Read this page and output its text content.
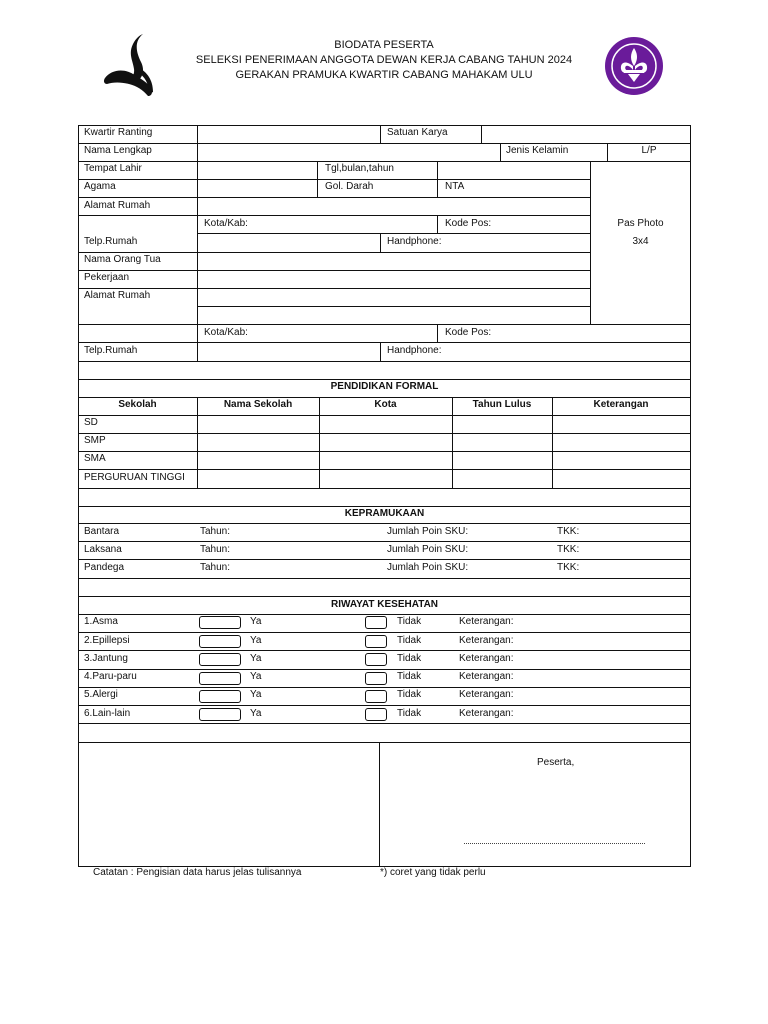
BIODATA PESERTA
SELEKSI PENERIMAAN ANGGOTA DEWAN KERJA CABANG TAHUN 2024
GERAKAN PRAMUKA KWARTIR CABANG MAHAKAM ULU
Kwartir Ranting	Satuan Karya
Nama Lengkap	Jenis Kelamin	L/P
Tempat Lahir	Tgl,bulan,tahun
Agama	Gol. Darah	NTA
Alamat Rumah
Kota/Kab:	Kode Pos:
Telp.Rumah	Handphone:
Nama Orang Tua
Pekerjaan
Alamat Rumah
Pas Photo
3x4
Kota/Kab:	Kode Pos:
Telp.Rumah	Handphone:
PENDIDIKAN FORMAL
Sekolah	Nama Sekolah	Kota	Tahun Lulus	Keterangan
SD
SMP
SMA
PERGURUAN TINGGI
KEPRAMUKAAN
Bantara	Tahun:	Jumlah Poin SKU:	TKK:
Laksana	Tahun:	Jumlah Poin SKU:	TKK:
Pandega	Tahun:	Jumlah Poin SKU:	TKK:
RIWAYAT KESEHATAN
1.Asma	Ya	Tidak	Keterangan:
2.Epillepsi	Ya	Tidak	Keterangan:
3.Jantung	Ya	Tidak	Keterangan:
4.Paru-paru	Ya	Tidak	Keterangan:
5.Alergi	Ya	Tidak	Keterangan:
6.Lain-lain	Ya	Tidak	Keterangan:
Peserta,
Catatan : Pengisian data harus jelas tulisannya	*) coret yang tidak perlu
